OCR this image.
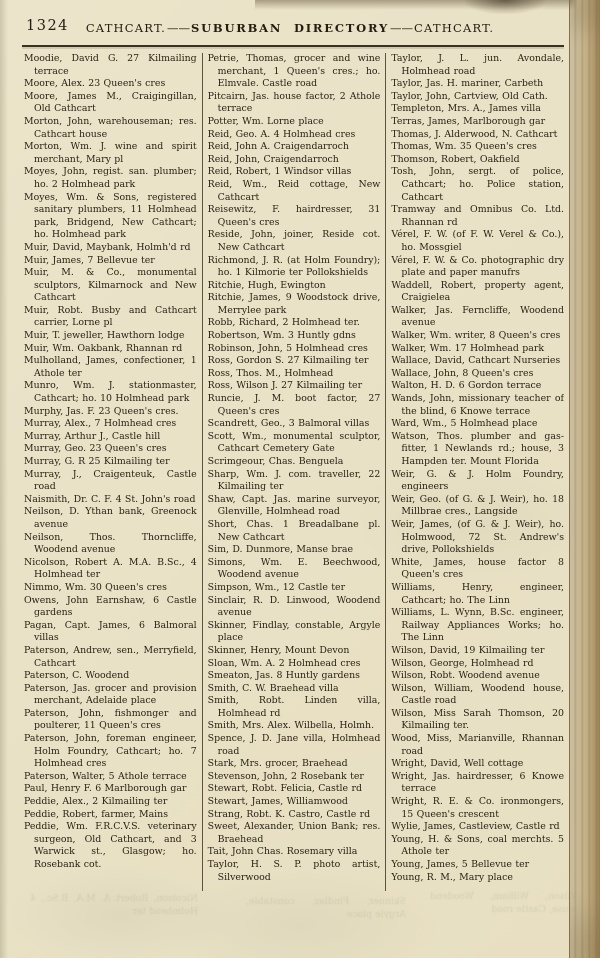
1324	CATHCART.——SUBURBAN DIRECTORY——CATHCART.
Moodie, David G. 27 Kilmailing terrace
Moore, Alex. 23 Queen's cres
Moore, James M., Craigingillan, Old Cathcart
Morton, John, warehouseman; res. Cathcart house
Morton, Wm. J. wine and spirit merchant, Mary pl
Moyes, John, regist. san. plumber; ho. 2 Holmhead park
Moyes, Wm. & Sons, registered sanitary plumbers, 11 Holmhead park, Bridgend, New Cathcart; ho. Holmhead park
Muir, David, Maybank, Holmh'd rd
Muir, James, 7 Bellevue ter
Muir, M. & Co., monumental sculptors, Kilmarnock and New Cathcart
Muir, Robt. Busby and Cathcart carrier, Lorne pl
Muir, T. jeweller, Hawthorn lodge
Muir, Wm. Oakbank, Rhannan rd
Mulholland, James, confectioner, 1 Athole ter
Munro, Wm. J. stationmaster, Cathcart; ho. 10 Holmhead park
Murphy, Jas. F. 23 Queen's cres.
Murray, Alex., 7 Holmhead cres
Murray, Arthur J., Castle hill
Murray, Geo. 23 Queen's cres
Murray, G. R 25 Kilmailing ter
Murray, J., Craigenteuk, Castle road
Naismith, Dr. C. F. 4 St. John's road
Neilson, D. Ythan bank, Greenock avenue
Neilson, Thos. Thorncliffe, Woodend avenue
Nicolson, Robert A. M.A. B.Sc., 4 Holmhead ter
Nimmo, Wm. 30 Queen's cres
Owens, John Earnshaw, 6 Castle gardens
Pagan, Capt. James, 6 Balmoral villas
Paterson, Andrew, sen., Merryfield, Cathcart
Paterson, C. Woodend
Paterson, Jas. grocer and provision merchant, Adelaide place
Paterson, John, fishmonger and poulterer, 11 Queen's cres
Paterson, John, foreman engineer, Holm Foundry, Cathcart; ho. 7 Holmhead cres
Paterson, Walter, 5 Athole terrace
Paul, Henry F. 6 Marlborough gar
Peddie, Alex., 2 Kilmailing ter
Peddie, Robert, farmer, Mains
Peddie, Wm. F.R.C.V.S. veterinary surgeon, Old Cathcart, and 3 Warwick st., Glasgow; ho. Rosebank cot.
Petrie, Thomas, grocer and wine merchant, 1 Queen's cres.; ho. Elmvale. Castle road
Pitcairn, Jas. house factor, 2 Athole terrace
Potter, Wm. Lorne place
Reid, Geo. A. 4 Holmhead cres
Reid, John A. Craigendarroch
Reid, John, Craigendarroch
Reid, Robert, 1 Windsor villas
Reid, Wm., Reid cottage, New Cathcart
Reisewitz, F. hairdresser, 31 Queen's cres
Reside, John, joiner, Reside cot. New Cathcart
Richmond, J. R. (at Holm Foundry); ho. 1 Kilmorie ter Pollokshields
Ritchie, Hugh, Ewington
Ritchie, James, 9 Woodstock drive, Merrylee park
Robb, Richard, 2 Holmhead ter.
Robertson, Wm. 3 Huntly gdns
Robinson, John, 5 Holmhead cres
Ross, Gordon S. 27 Kilmailing ter
Ross, Thos. M., Holmhead
Ross, Wilson J. 27 Kilmailing ter
Runcie, J. M. boot factor, 27 Queen's cres
Scandrett, Geo., 3 Balmoral villas
Scott, Wm., monumental sculptor, Cathcart Cemetery Gate
Scrimgeour, Chas. Benguela
Sharp, Wm. J. com. traveller, 22 Kilmailing ter
Shaw, Capt. Jas. marine surveyor, Glenville, Holmhead road
Short, Chas. 1 Breadalbane pl. New Cathcart
Sim, D. Dunmore, Manse brae
Simons, Wm. E. Beechwood, Woodend avenue
Simpson, Wm., 12 Castle ter
Sinclair, R. D. Linwood, Woodend avenue
Skinner, Findlay, constable, Argyle place
Skinner, Henry, Mount Devon
Sloan, Wm. A. 2 Holmhead cres
Smeaton, Jas. 8 Huntly gardens
Smith, C. W. Braehead villa
Smith, Robt. Linden villa, Holmhead rd
Smith, Mrs. Alex. Wilbella, Holmh.
Spence, J. D. Jane villa, Holmhead road
Stark, Mrs. grocer, Braehead
Stevenson, John, 2 Rosebank ter
Stewart, Robt. Felicia, Castle rd
Stewart, James, Williamwood
Strang, Robt. K. Castro, Castle rd
Sweet, Alexander, Union Bank; res. Braehead
Tait, John Chas. Rosemary villa
Taylor, H. S. P. photo artist, Silverwood
Taylor, J. L. jun. Avondale, Holmhead road
Taylor, Jas. H. mariner, Carbeth
Taylor, John, Cartview, Old Cath.
Templeton, Mrs. A., James villa
Terras, James, Marlborough gar
Thomas, J. Alderwood, N. Cathcart
Thomas, Wm. 35 Queen's cres
Thomson, Robert, Oakfield
Tosh, John, sergt. of police, Cathcart; ho. Police station, Cathcart
Tramway and Omnibus Co. Ltd. Rhannan rd
Vérel, F. W. (of F. W. Verel & Co.), ho. Mossgiel
Vérel, F. W. & Co. photographic dry plate and paper manufrs
Waddell, Robert, property agent, Craigielea
Walker, Jas. Ferncliffe, Woodend avenue
Walker, Wm. writer, 8 Queen's cres
Walker, Wm. 17 Holmhead park
Wallace, David, Cathcart Nurseries
Wallace, John, 8 Queen's cres
Walton, H. D. 6 Gordon terrace
Wands, John, missionary teacher of the blind, 6 Knowe terrace
Ward, Wm., 5 Holmhead place
Watson, Thos. plumber and gas-fitter, 1 Newlands rd.; house, 3 Hampden ter. Mount Florida
Weir, G. & J. Holm Foundry, engineers
Weir, Geo. (of G. & J. Weir), ho. 18 Millbrae cres., Langside
Weir, James, (of G. & J. Weir), ho. Holmwood, 72 St. Andrew's drive, Pollokshields
White, James, house factor 8 Queen's cres
Williams, Henry, engineer, Cathcart; ho. The Linn
Williams, L. Wynn, B.Sc. engineer, Railway Appliances Works; ho. The Linn
Wilson, David, 19 Kilmailing ter
Wilson, George, Holmhead rd
Wilson, Robt. Woodend avenue
Wilson, William, Woodend house, Castle road
Wilson, Miss Sarah Thomson, 20 Kilmailing ter.
Wood, Miss, Marianville, Rhannan road
Wright, David, Well cottage
Wright, Jas. hairdresser, 6 Knowe terrace
Wright, R. E. & Co. ironmongers, 15 Queen's crescent
Wylie, James, Castleview, Castle rd
Young, H. & Sons, coal merchts. 5 Athole ter
Young, James, 5 Bellevue ter
Young, R. M., Mary place
Nicolson, Robert A. M.A. B.Sc., 4 Holmhead ter
Skinner, Findlay, constable, Argyle place
Wilson, William, Woodend house, Castle road
